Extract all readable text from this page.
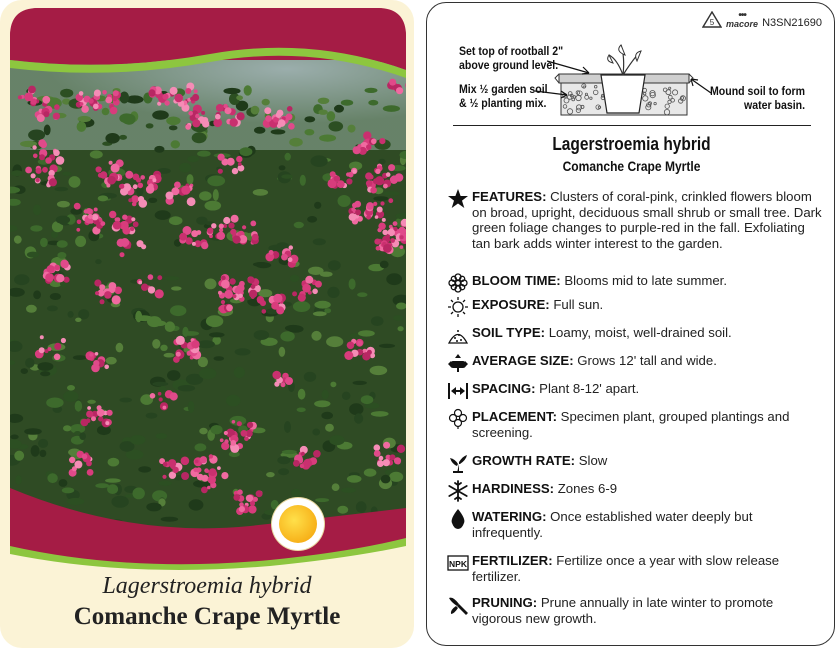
Lagerstroemia hybrid
Comanche Crape Myrtle
5
•••
macore N3SN21690
Set top of rootball 2"
above ground level.
Mix ½ garden soil
& ½ planting mix.
Mound soil to form
water basin.
Lagerstroemia hybrid
Comanche Crape Myrtle
FEATURES: Clusters of coral-pink, crinkled flowers bloom on broad, upright, deciduous small shrub or small tree. Dark green foliage changes to purple-red in the fall. Exfoliating tan bark adds winter interest to the garden.
BLOOM TIME: Blooms mid to late summer.
EXPOSURE: Full sun.
SOIL TYPE: Loamy, moist, well-drained soil.
AVERAGE SIZE: Grows 12' tall and wide.
SPACING: Plant 8-12' apart.
PLACEMENT: Specimen plant, grouped plantings and screening.
GROWTH RATE: Slow
HARDINESS: Zones 6-9
WATERING: Once established water deeply but infrequently.
NPK FERTILIZER: Fertilize once a year with slow release fertilizer.
PRUNING: Prune annually in late winter to promote vigorous new growth.
